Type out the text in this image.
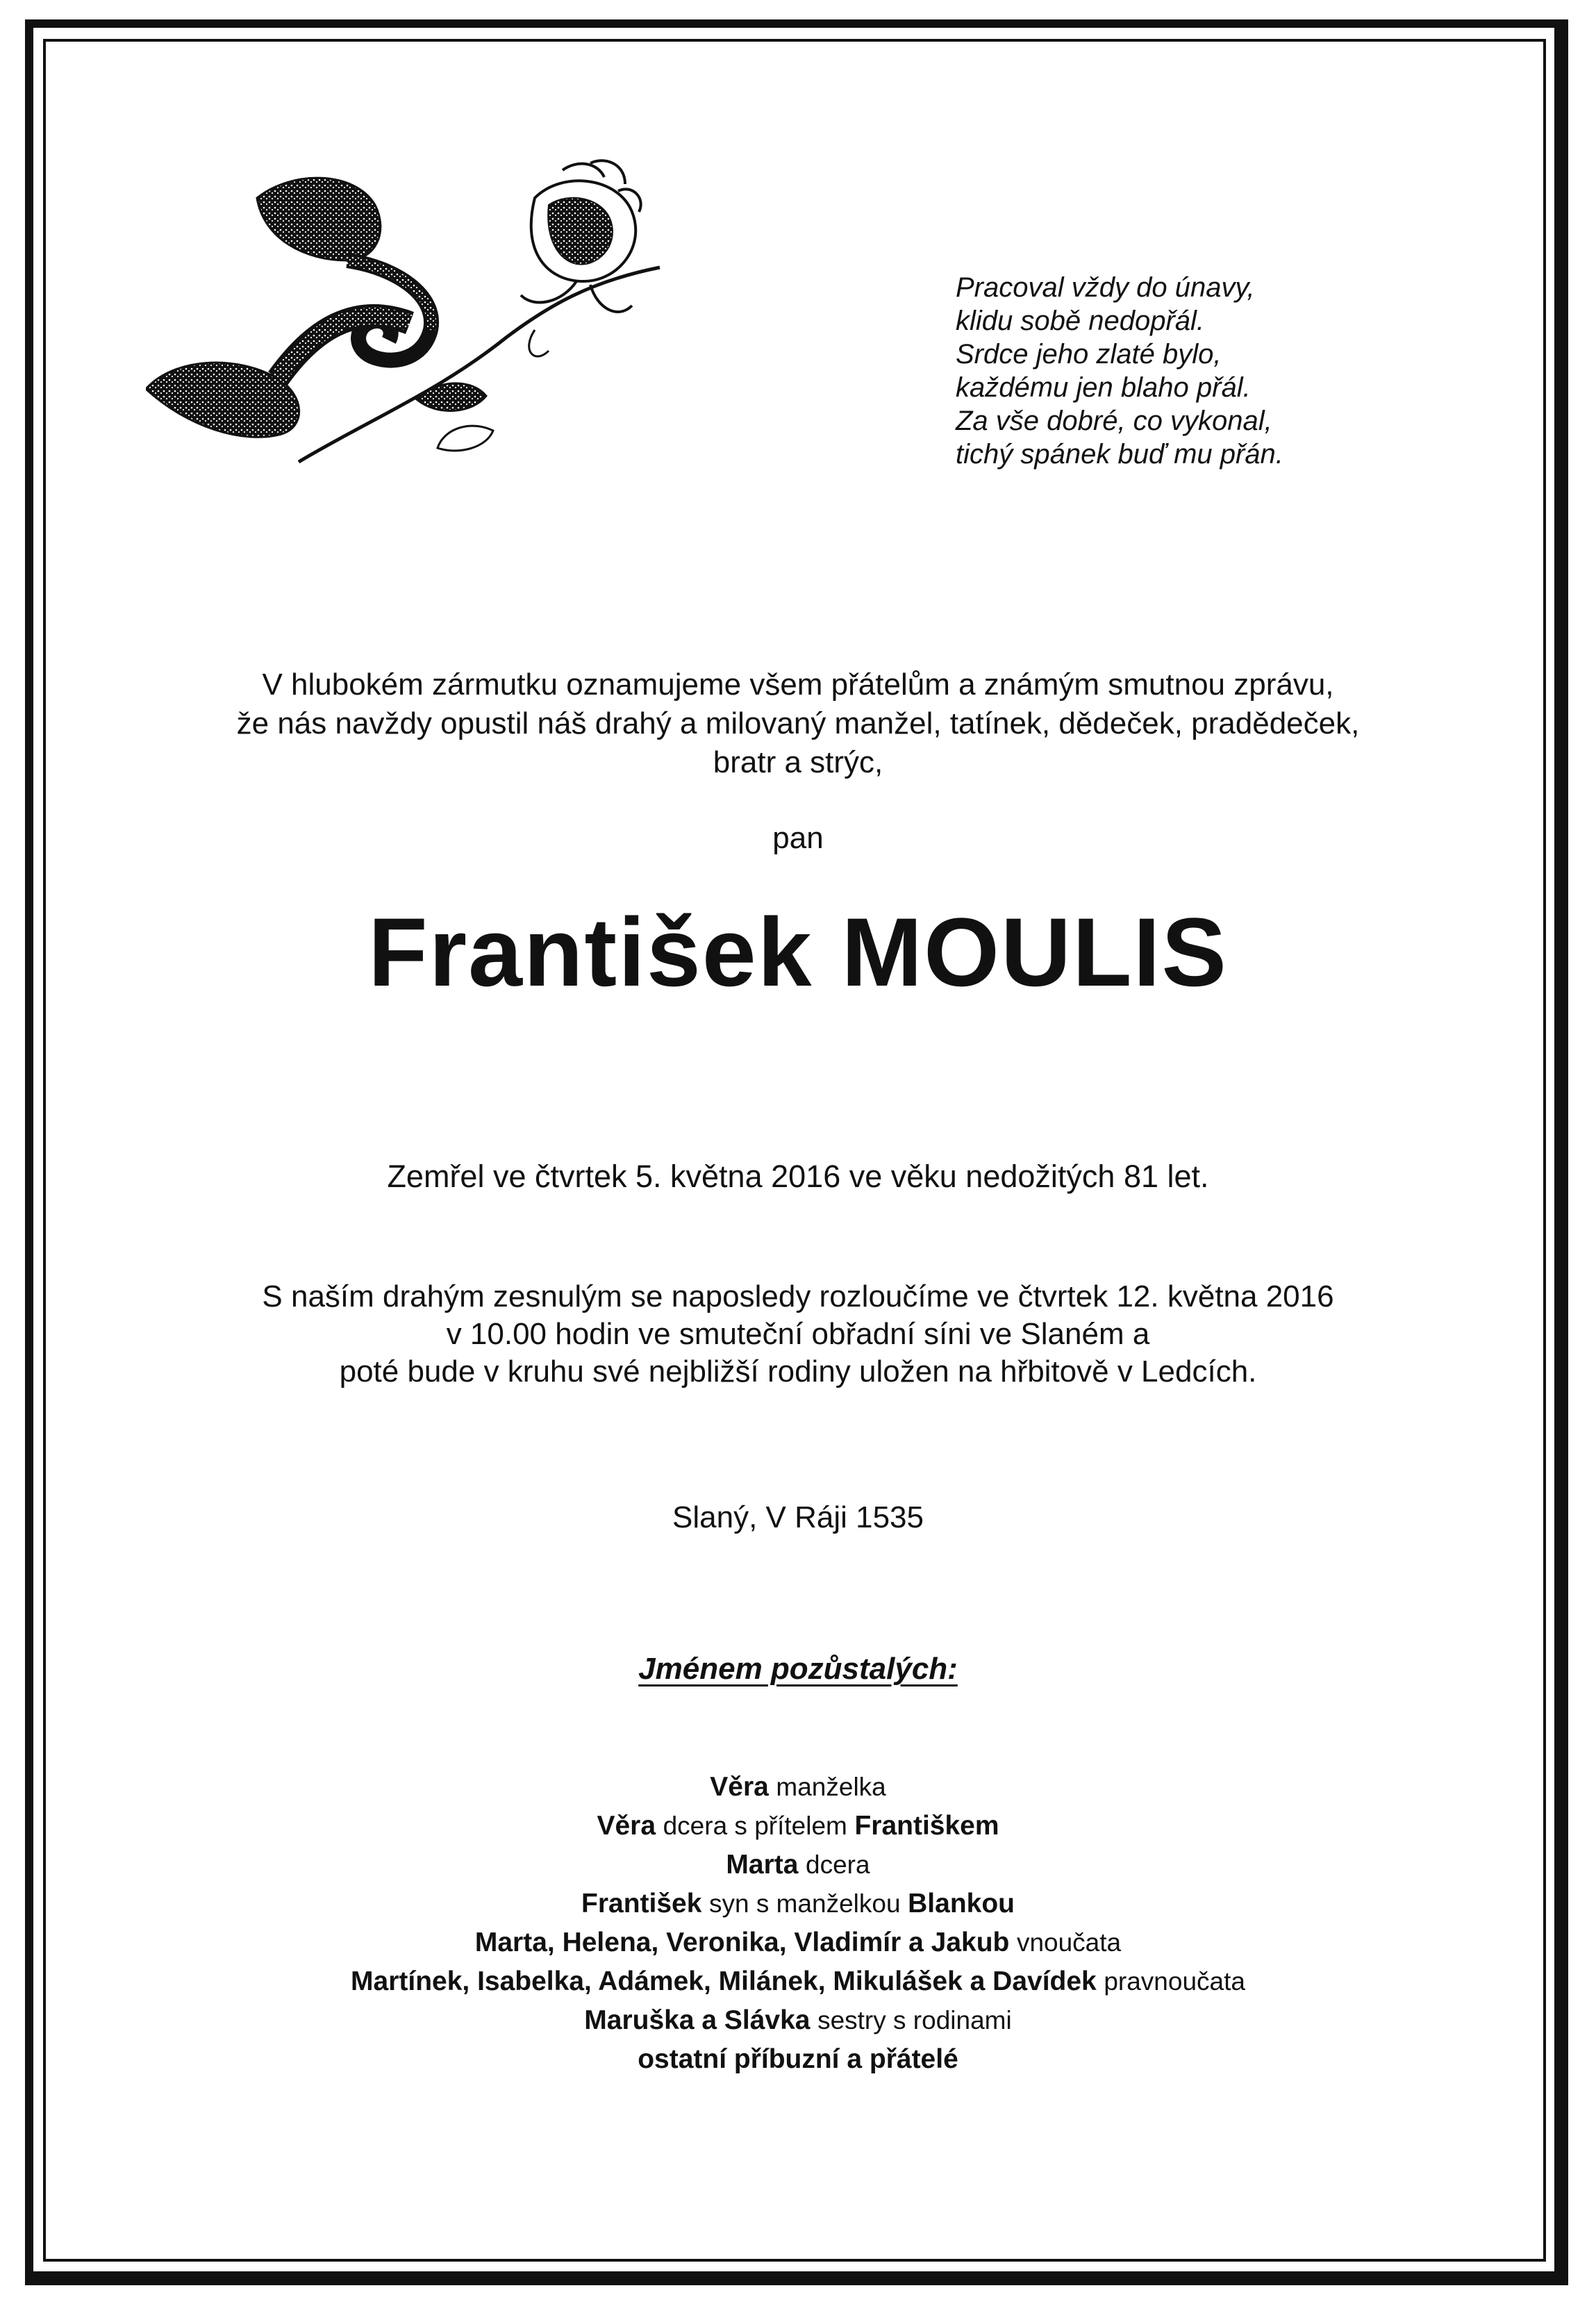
Pracoval vždy do únavy,
klidu sobě nedopřál.
Srdce jeho zlaté bylo,
každému jen blaho přál.
Za vše dobré, co vykonal,
tichý spánek buď mu přán.
V hlubokém zármutku oznamujeme všem přátelům a známým smutnou zprávu,
že nás navždy opustil náš drahý a milovaný manžel, tatínek, dědeček, pradědeček,
bratr a strýc,
pan
František MOULIS
Zemřel ve čtvrtek 5. května 2016 ve věku nedožitých 81 let.
S naším drahým zesnulým se naposledy rozloučíme ve čtvrtek 12. května 2016
v 10.00 hodin ve smuteční obřadní síni ve Slaném a
poté bude v kruhu své nejbližší rodiny uložen na hřbitově v Ledcích.
Slaný, V Ráji 1535
Jménem pozůstalých:
Věra manželka
Věra dcera s přítelem Františkem
Marta dcera
František syn s manželkou Blankou
Marta, Helena, Veronika, Vladimír a Jakub vnoučata
Martínek, Isabelka, Adámek, Milánek, Mikulášek a Davídek pravnoučata
Maruška a Slávka sestry s rodinami
ostatní příbuzní a přátelé
